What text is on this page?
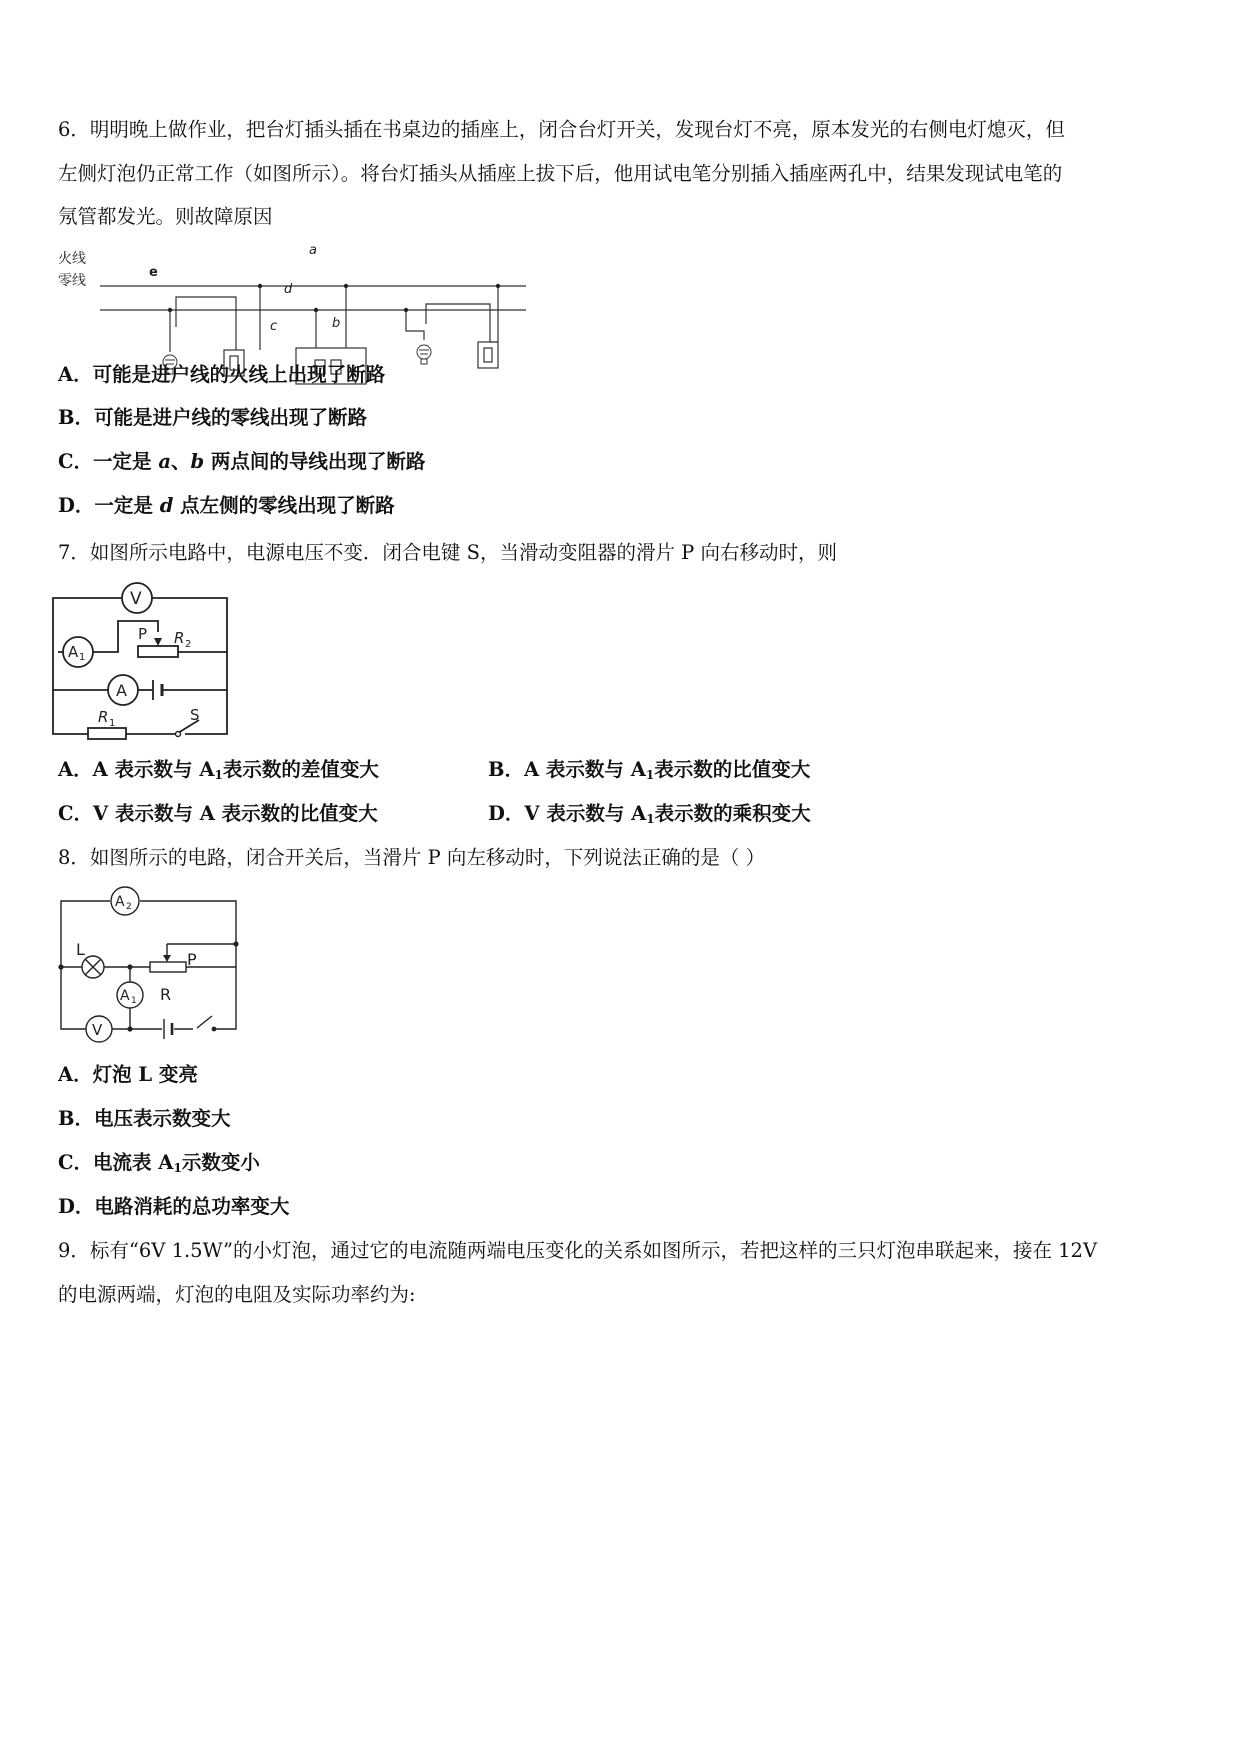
6．明明晚上做作业，把台灯插头插在书桌边的插座上，闭合台灯开关，发现台灯不亮，原本发光的右侧电灯熄灭，但
左侧灯泡仍正常工作（如图所示）。将台灯插头从插座上拔下后，他用试电笔分别插入插座两孔中，结果发现试电笔的
氖管都发光。则故障原因
火线
零线
e
a
d
c	b
A．可能是进户线的火线上出现了断路
B．可能是进户线的零线出现了断路
C．一定是 a、b 两点间的导线出现了断路
D．一定是 d 点左侧的零线出现了断路
7．如图所示电路中，电源电压不变．闭合电键 S，当滑动变阻器的滑片 P 向右移动时，则
V
A 1
A
P R 2
R 1	S
A．A 表示数与 $A_1$表示数的差值变大	B．A 表示数与 $A_1$表示数的比值变大
C．V 表示数与 A 表示数的比值变大	D．V 表示数与 $A_1$表示数的乘积变大
8．如图所示的电路，闭合开关后，当滑片 P 向左移动时，下列说法正确的是（ ）
A 2
L
P
A 1 R
V
A．灯泡 L 变亮
B．电压表示数变大
C．电流表 $A_1$示数变小
D．电路消耗的总功率变大
9．标有“6V 1.5W”的小灯泡，通过它的电流随两端电压变化的关系如图所示，若把这样的三只灯泡串联起来，接在 12V
的电源两端，灯泡的电阻及实际功率约为:
